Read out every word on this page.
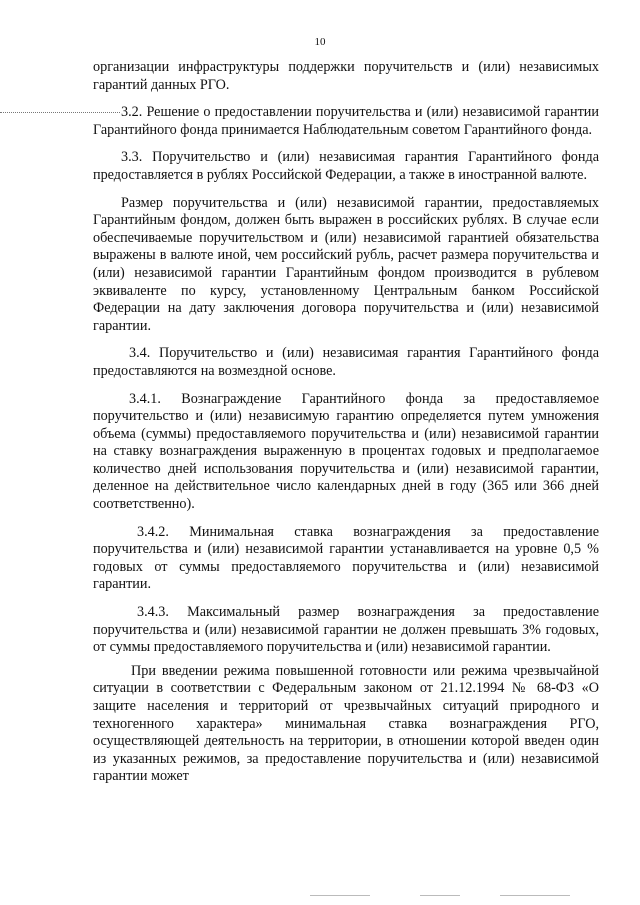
10

организации инфраструктуры поддержки поручительств и (или) независимых гарантий данных РГО.

3.2. Решение о предоставлении поручительства и (или) независимой гарантии Гарантийного фонда принимается Наблюдательным советом Гарантийного фонда.

3.3. Поручительство и (или) независимая гарантия Гарантийного фонда предоставляется в рублях Российской Федерации, а также в иностранной валюте.

Размер поручительства и (или) независимой гарантии, предоставляемых Гарантийным фондом, должен быть выражен в российских рублях. В случае если обеспечиваемые поручительством и (или) независимой гарантией обязательства выражены в валюте иной, чем российский рубль, расчет размера поручительства и (или) независимой гарантии Гарантийным фондом производится в рублевом эквиваленте по курсу, установленному Центральным банком Российской Федерации на дату заключения договора поручительства и (или) независимой гарантии.

3.4. Поручительство и (или) независимая гарантия Гарантийного фонда предоставляются на возмездной основе.

3.4.1. Вознаграждение Гарантийного фонда за предоставляемое поручительство и (или) независимую гарантию определяется путем умножения объема (суммы) предоставляемого поручительства и (или) независимой гарантии на ставку вознаграждения выраженную в процентах годовых и предполагаемое количество дней использования поручительства и (или) независимой гарантии, деленное на действительное число календарных дней в году (365 или 366 дней соответственно).

3.4.2. Минимальная ставка вознаграждения за предоставление поручительства и (или) независимой гарантии устанавливается на уровне 0,5 % годовых от суммы предоставляемого поручительства и (или) независимой гарантии.

3.4.3. Максимальный размер вознаграждения за предоставление поручительства и (или) независимой гарантии не должен превышать 3% годовых, от суммы предоставляемого поручительства и (или) независимой гарантии.

При введении режима повышенной готовности или режима чрезвычайной ситуации в соответствии с Федеральным законом от 21.12.1994 № 68-ФЗ «О защите населения и территорий от чрезвычайных ситуаций природного и техногенного характера» минимальная ставка вознаграждения РГО, осуществляющей деятельность на территории, в отношении которой введен один из указанных режимов, за предоставление поручительства и (или) независимой гарантии может
